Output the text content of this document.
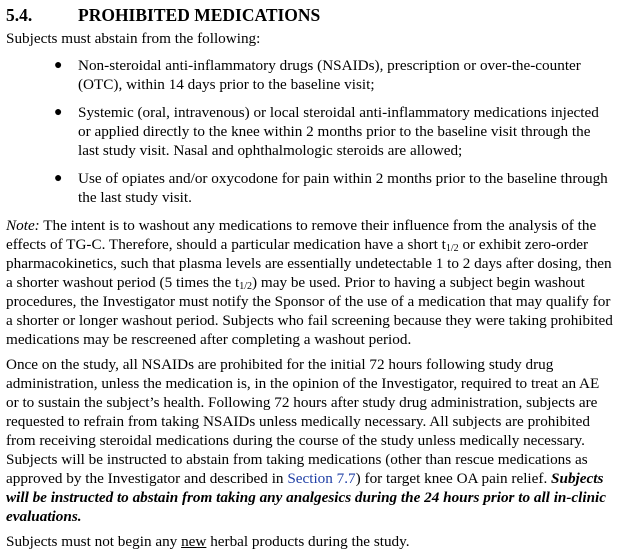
5.4.	PROHIBITED MEDICATIONS

Subjects must abstain from the following:

● Non-steroidal anti-inflammatory drugs (NSAIDs), prescription or over-the-counter (OTC), within 14 days prior to the baseline visit;
● Systemic (oral, intravenous) or local steroidal anti-inflammatory medications injected or applied directly to the knee within 2 months prior to the baseline visit through the last study visit. Nasal and ophthalmologic steroids are allowed;
● Use of opiates and/or oxycodone for pain within 2 months prior to the baseline through the last study visit.

Note: The intent is to washout any medications to remove their influence from the analysis of the effects of TG-C. Therefore, should a particular medication have a short $t_{1/2}$ or exhibit zero-order pharmacokinetics, such that plasma levels are essentially undetectable 1 to 2 days after dosing, then a shorter washout period (5 times the $t_{1/2}$) may be used. Prior to having a subject begin washout procedures, the Investigator must notify the Sponsor of the use of a medication that may qualify for a shorter or longer washout period. Subjects who fail screening because they were taking prohibited medications may be rescreened after completing a washout period.

Once on the study, all NSAIDs are prohibited for the initial 72 hours following study drug administration, unless the medication is, in the opinion of the Investigator, required to treat an AE or to sustain the subject’s health. Following 72 hours after study drug administration, subjects are requested to refrain from taking NSAIDs unless medically necessary. All subjects are prohibited from receiving steroidal medications during the course of the study unless medically necessary. Subjects will be instructed to abstain from taking medications (other than rescue medications as approved by the Investigator and described in Section 7.7) for target knee OA pain relief. Subjects will be instructed to abstain from taking any analgesics during the 24 hours prior to all in-clinic evaluations.

Subjects must not begin any new herbal products during the study.
